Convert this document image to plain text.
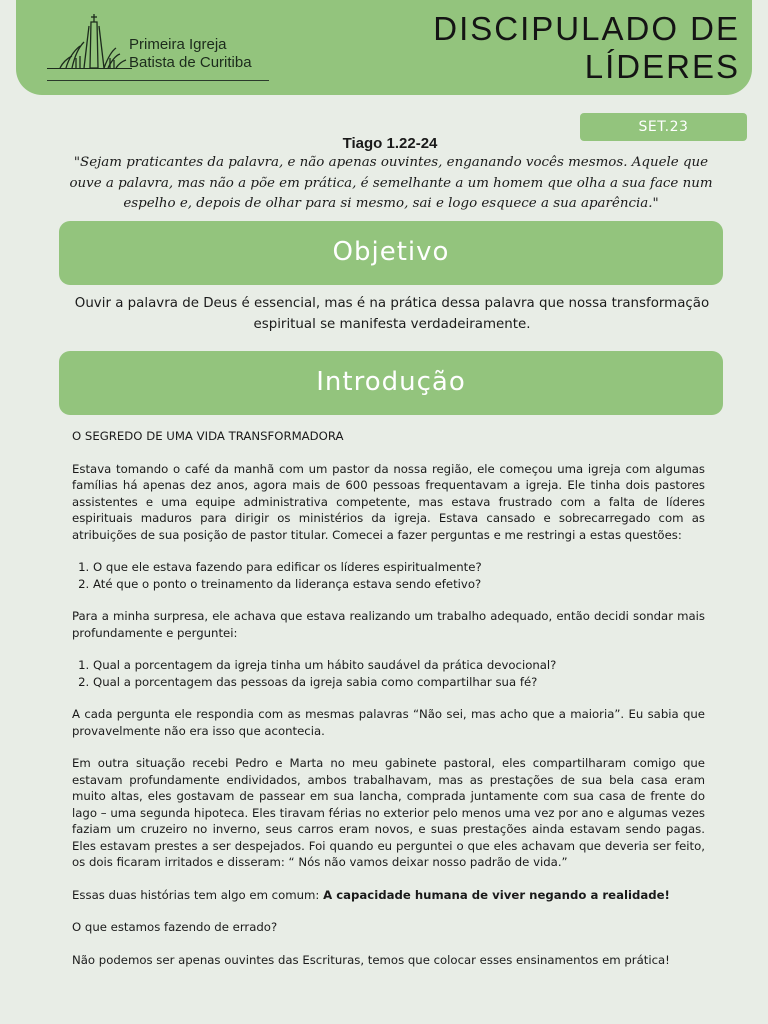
Primeira Igreja
Batista de Curitiba
DISCIPULADO DE
LÍDERES
SET.23
Tiago 1.22-24
"Sejam praticantes da palavra, e não apenas ouvintes, enganando vocês mesmos. Aquele que ouve a palavra, mas não a põe em prática, é semelhante a um homem que olha a sua face num espelho e, depois de olhar para si mesmo, sai e logo esquece a sua aparência."
Objetivo
Ouvir a palavra de Deus é essencial, mas é na prática dessa palavra que nossa transformação espiritual se manifesta verdadeiramente.
Introdução

O SEGREDO DE UMA VIDA TRANSFORMADORA

Estava tomando o café da manhã com um pastor da nossa região, ele começou uma igreja com algumas famílias há apenas dez anos, agora mais de 600 pessoas frequentavam a igreja. Ele tinha dois pastores assistentes e uma equipe administrativa competente, mas estava frustrado com a falta de líderes espirituais maduros para dirigir os ministérios da igreja. Estava cansado e sobrecarregado com as atribuições de sua posição de pastor titular. Comecei a fazer perguntas e me restringi a estas questões:

1. O que ele estava fazendo para edificar os líderes espiritualmente?
2. Até que o ponto o treinamento da liderança estava sendo efetivo?

Para a minha surpresa, ele achava que estava realizando um trabalho adequado, então decidi sondar mais profundamente e perguntei:

1. Qual a porcentagem da igreja tinha um hábito saudável da prática devocional?
2. Qual a porcentagem das pessoas da igreja sabia como compartilhar sua fé?

A cada pergunta ele respondia com as mesmas palavras “Não sei, mas acho que a maioria”. Eu sabia que provavelmente não era isso que acontecia.

Em outra situação recebi Pedro e Marta no meu gabinete pastoral, eles compartilharam comigo que estavam profundamente endividados, ambos trabalhavam, mas as prestações de sua bela casa eram muito altas, eles gostavam de passear em sua lancha, comprada juntamente com sua casa de frente do lago – uma segunda hipoteca. Eles tiravam férias no exterior pelo menos uma vez por ano e algumas vezes faziam um cruzeiro no inverno, seus carros eram novos, e suas prestações ainda estavam sendo pagas. Eles estavam prestes a ser despejados. Foi quando eu perguntei o que eles achavam que deveria ser feito, os dois ficaram irritados e disseram: “ Nós não vamos deixar nosso padrão de vida.”

Essas duas histórias tem algo em comum: A capacidade humana de viver negando a realidade!

O que estamos fazendo de errado?

Não podemos ser apenas ouvintes das Escrituras, temos que colocar esses ensinamentos em prática!
